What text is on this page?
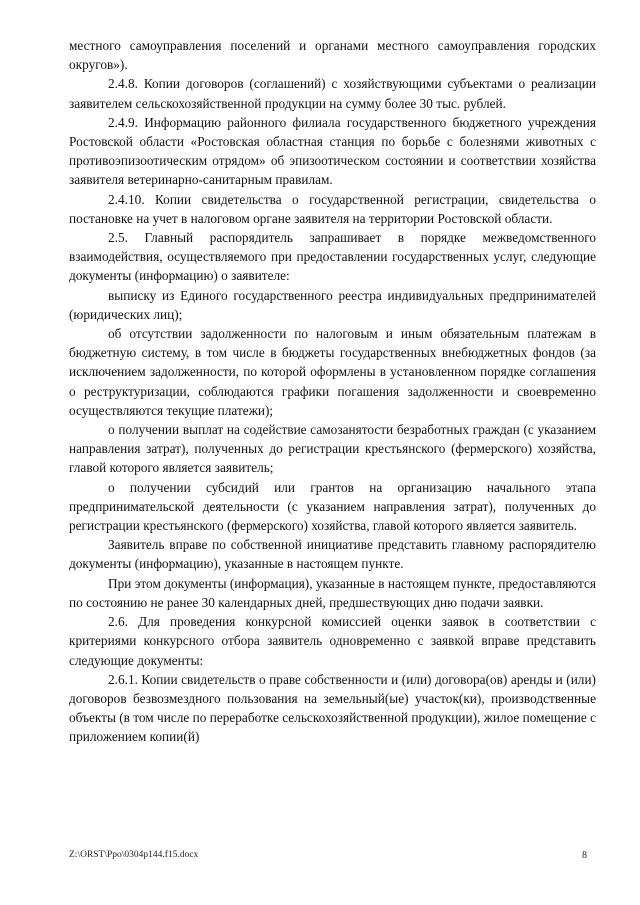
местного самоуправления поселений и органами местного самоуправления городских округов»).

2.4.8. Копии договоров (соглашений) с хозяйствующими субъектами о реализации заявителем сельскохозяйственной продукции на сумму более 30 тыс. рублей.

2.4.9. Информацию районного филиала государственного бюджетного учреждения Ростовской области «Ростовская областная станция по борьбе с болезнями животных с противоэпизоотическим отрядом» об эпизоотическом состоянии и соответствии хозяйства заявителя ветеринарно-санитарным правилам.

2.4.10. Копии свидетельства о государственной регистрации, свидетельства о постановке на учет в налоговом органе заявителя на территории Ростовской области.

2.5. Главный распорядитель запрашивает в порядке межведомственного взаимодействия, осуществляемого при предоставлении государственных услуг, следующие документы (информацию) о заявителе:

выписку из Единого государственного реестра индивидуальных предпринимателей (юридических лиц);

об отсутствии задолженности по налоговым и иным обязательным платежам в бюджетную систему, в том числе в бюджеты государственных внебюджетных фондов (за исключением задолженности, по которой оформлены в установленном порядке соглашения о реструктуризации, соблюдаются графики погашения задолженности и своевременно осуществляются текущие платежи);

о получении выплат на содействие самозанятости безработных граждан (с указанием направления затрат), полученных до регистрации крестьянского (фермерского) хозяйства, главой которого является заявитель;

о получении субсидий или грантов на организацию начального этапа предпринимательской деятельности (с указанием направления затрат), полученных до регистрации крестьянского (фермерского) хозяйства, главой которого является заявитель.

Заявитель вправе по собственной инициативе представить главному распорядителю документы (информацию), указанные в настоящем пункте.

При этом документы (информация), указанные в настоящем пункте, предоставляются по состоянию не ранее 30 календарных дней, предшествующих дню подачи заявки.

2.6. Для проведения конкурсной комиссией оценки заявок в соответствии с критериями конкурсного отбора заявитель одновременно с заявкой вправе представить следующие документы:

2.6.1. Копии свидетельств о праве собственности и (или) договора(ов) аренды и (или) договоров безвозмездного пользования на земельный(ые) участок(ки), производственные объекты (в том числе по переработке сельскохозяйственной продукции), жилое помещение с приложением копии(й)

Z:\ORST\Ppo\0304p144.f15.docx	8
